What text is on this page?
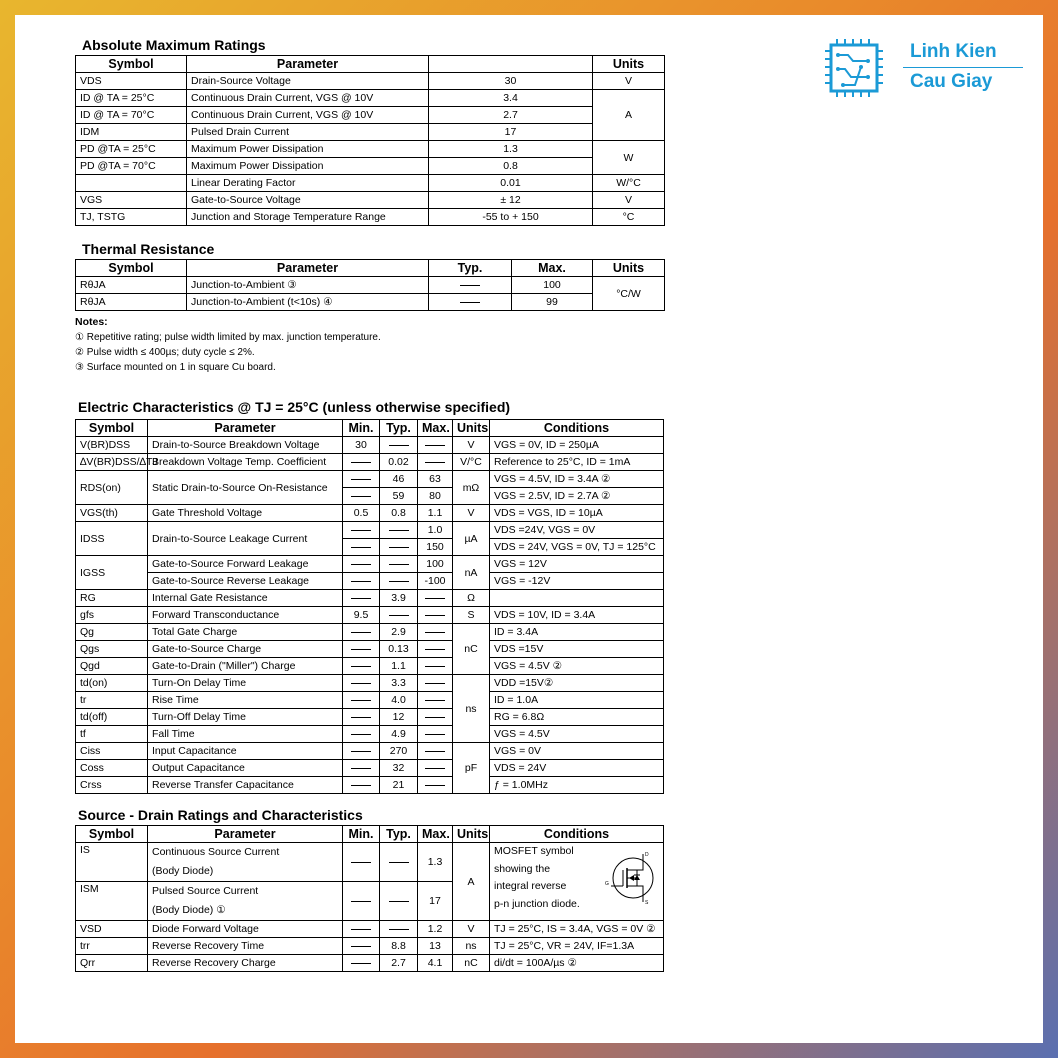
Linh Kien
Cau Giay
Absolute Maximum Ratings
Symbol	Parameter		Units
VDS	Drain-Source Voltage	30	V
ID @ TA = 25°C	Continuous Drain Current, VGS @ 10V	3.4	A
ID @ TA = 70°C	Continuous Drain Current, VGS @ 10V	2.7	
IDM	Pulsed Drain Current	17	
PD @TA = 25°C	Maximum Power Dissipation	1.3	W
PD @TA = 70°C	Maximum Power Dissipation	0.8	
	Linear Derating Factor	0.01	W/°C
VGS	Gate-to-Source Voltage	± 12	V
TJ, TSTG	Junction and Storage Temperature Range	-55 to + 150	°C
Thermal Resistance
Symbol	Parameter	Typ.	Max.	Units
RθJA	Junction-to-Ambient ③		100	°C/W
RθJA	Junction-to-Ambient (t<10s) ④		99	
Notes:
① Repetitive rating; pulse width limited by max. junction temperature.
② Pulse width ≤ 400µs; duty cycle ≤ 2%.
③ Surface mounted on 1 in square Cu board.
Electric Characteristics @ TJ = 25°C (unless otherwise specified)
Symbol	Parameter	Min.	Typ.	Max.	Units	Conditions
V(BR)DSS	Drain-to-Source Breakdown Voltage	30			V	VGS = 0V, ID = 250µA
∆V(BR)DSS/∆TJ	Breakdown Voltage Temp. Coefficient		0.02		V/°C	Reference to 25°C, ID = 1mA
RDS(on)	Static Drain-to-Source On-Resistance		46	63	mΩ	VGS = 4.5V, ID = 3.4A ②
			59	80		VGS = 2.5V, ID = 2.7A ②
VGS(th)	Gate Threshold Voltage	0.5	0.8	1.1	V	VDS = VGS, ID = 10µA
IDSS	Drain-to-Source Leakage Current			1.0	µA	VDS =24V, VGS = 0V
				150		VDS = 24V, VGS = 0V, TJ = 125°C
IGSS	Gate-to-Source Forward Leakage			100	nA	VGS = 12V
	Gate-to-Source Reverse Leakage			-100		VGS = -12V
RG	Internal Gate Resistance		3.9		Ω	
gfs	Forward Transconductance	9.5			S	VDS = 10V, ID = 3.4A
Qg	Total Gate Charge		2.9		nC	ID = 3.4A
Qgs	Gate-to-Source Charge		0.13			VDS =15V
Qgd	Gate-to-Drain ("Miller") Charge		1.1			VGS = 4.5V ②
td(on)	Turn-On Delay Time		3.3		ns	VDD =15V②
tr	Rise Time		4.0			ID = 1.0A
td(off)	Turn-Off Delay Time		12			RG = 6.8Ω
tf	Fall Time		4.9			VGS = 4.5V
Ciss	Input Capacitance		270		pF	VGS = 0V
Coss	Output Capacitance		32			VDS = 24V
Crss	Reverse Transfer Capacitance		21			ƒ = 1.0MHz
Source - Drain Ratings and Characteristics
Symbol	Parameter	Min.	Typ.	Max.	Units	Conditions
IS	Continuous Source Current
(Body Diode)			1.3	A	MOSFET symbol
showing the
integral reverse
p-n junction diode.
ISM	Pulsed Source Current
(Body Diode) ①			17		
VSD	Diode Forward Voltage			1.2	V	TJ = 25°C, IS = 3.4A, VGS = 0V ②
trr	Reverse Recovery Time		8.8	13	ns	TJ = 25°C, VR = 24V, IF=1.3A
Qrr	Reverse Recovery Charge		2.7	4.1	nC	di/dt = 100A/µs ②
D
G
S
